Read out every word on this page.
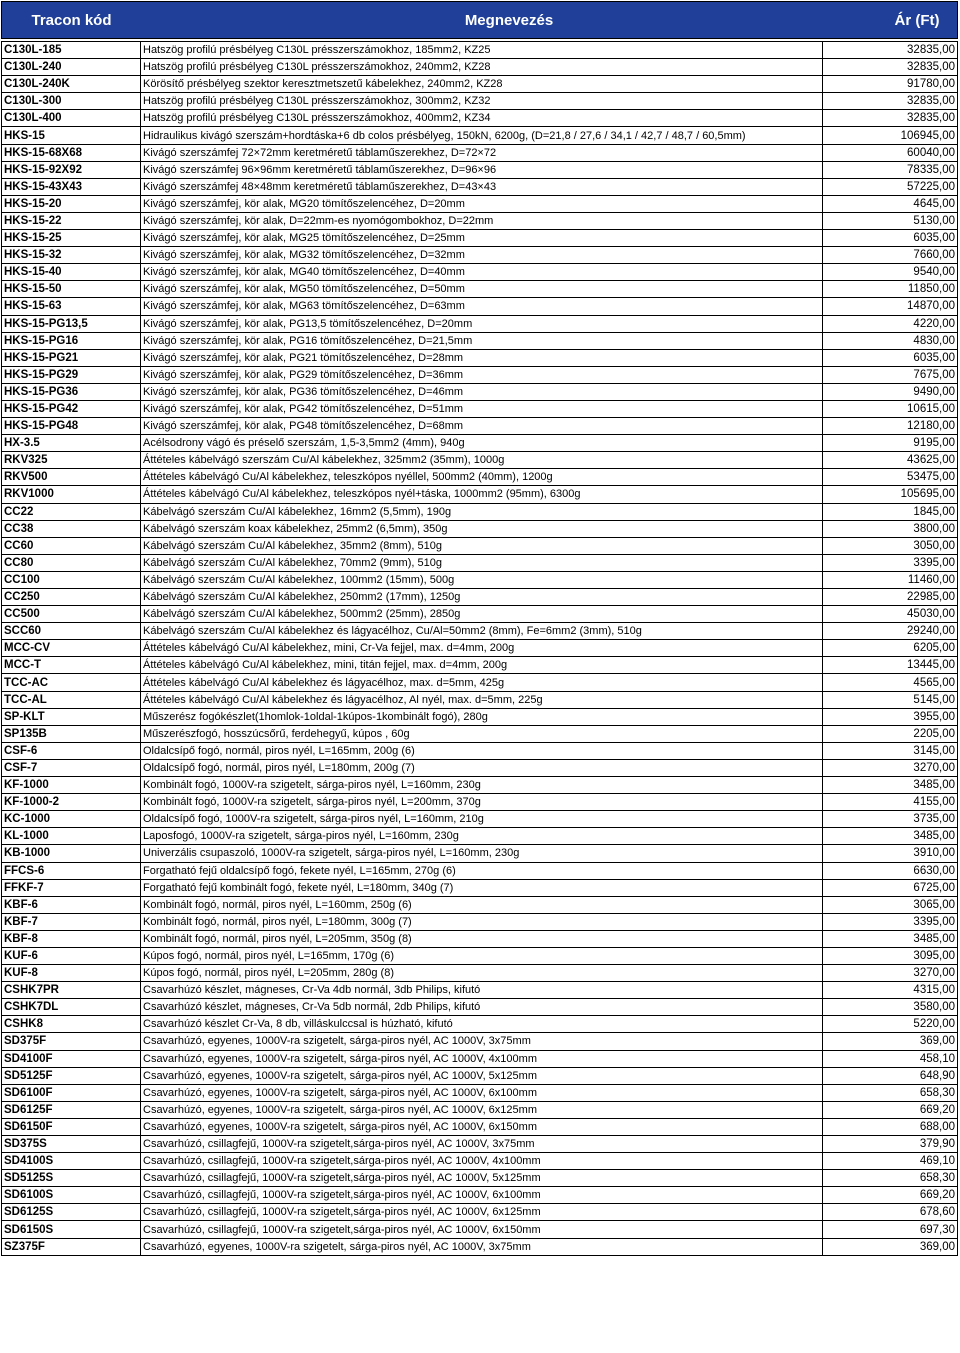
Tracon kód	Megnevezés	Ár (Ft)
C130L-185	Hatszög profilú présbélyeg C130L présszerszámokhoz, 185mm2, KZ25	32835,00
C130L-240	Hatszög profilú présbélyeg C130L présszerszámokhoz, 240mm2, KZ28	32835,00
C130L-240K	Körösítő présbélyeg szektor keresztmetszetű kábelekhez, 240mm2, KZ28	91780,00
C130L-300	Hatszög profilú présbélyeg C130L présszerszámokhoz, 300mm2, KZ32	32835,00
C130L-400	Hatszög profilú présbélyeg C130L présszerszámokhoz, 400mm2, KZ34	32835,00
HKS-15	Hidraulikus kivágó szerszám+hordtáska+6 db colos présbélyeg, 150kN, 6200g, (D=21,8 / 27,6 / 34,1 / 42,7 / 48,7 / 60,5mm)	106945,00
HKS-15-68X68	Kivágó szerszámfej 72×72mm keretméretű táblaműszerekhez, D=72×72	60040,00
HKS-15-92X92	Kivágó szerszámfej 96×96mm keretméretű táblaműszerekhez, D=96×96	78335,00
HKS-15-43X43	Kivágó szerszámfej 48×48mm keretméretű táblaműszerekhez, D=43×43	57225,00
HKS-15-20	Kivágó szerszámfej, kör alak, MG20 tömítőszelencéhez, D=20mm	4645,00
HKS-15-22	Kivágó szerszámfej, kör alak, D=22mm-es nyomógombokhoz, D=22mm	5130,00
HKS-15-25	Kivágó szerszámfej, kör alak, MG25 tömítőszelencéhez, D=25mm	6035,00
HKS-15-32	Kivágó szerszámfej, kör alak, MG32 tömítőszelencéhez, D=32mm	7660,00
HKS-15-40	Kivágó szerszámfej, kör alak, MG40 tömítőszelencéhez, D=40mm	9540,00
HKS-15-50	Kivágó szerszámfej, kör alak, MG50 tömítőszelencéhez, D=50mm	11850,00
HKS-15-63	Kivágó szerszámfej, kör alak, MG63 tömítőszelencéhez, D=63mm	14870,00
HKS-15-PG13,5	Kivágó szerszámfej, kör alak, PG13,5 tömítőszelencéhez, D=20mm	4220,00
HKS-15-PG16	Kivágó szerszámfej, kör alak, PG16 tömítőszelencéhez, D=21,5mm	4830,00
HKS-15-PG21	Kivágó szerszámfej, kör alak, PG21 tömítőszelencéhez, D=28mm	6035,00
HKS-15-PG29	Kivágó szerszámfej, kör alak, PG29 tömítőszelencéhez, D=36mm	7675,00
HKS-15-PG36	Kivágó szerszámfej, kör alak, PG36 tömítőszelencéhez, D=46mm	9490,00
HKS-15-PG42	Kivágó szerszámfej, kör alak, PG42 tömítőszelencéhez, D=51mm	10615,00
HKS-15-PG48	Kivágó szerszámfej, kör alak, PG48 tömítőszelencéhez, D=68mm	12180,00
HX-3.5	Acélsodrony vágó és préselő szerszám, 1,5-3,5mm2 (4mm), 940g	9195,00
RKV325	Áttételes kábelvágó szerszám Cu/Al kábelekhez, 325mm2 (35mm), 1000g	43625,00
RKV500	Áttételes kábelvágó Cu/Al kábelekhez, teleszkópos nyéllel, 500mm2 (40mm), 1200g	53475,00
RKV1000	Áttételes kábelvágó Cu/Al kábelekhez, teleszkópos nyél+táska, 1000mm2 (95mm), 6300g	105695,00
CC22	Kábelvágó szerszám Cu/Al kábelekhez, 16mm2 (5,5mm), 190g	1845,00
CC38	Kábelvágó szerszám koax kábelekhez, 25mm2 (6,5mm), 350g	3800,00
CC60	Kábelvágó szerszám Cu/Al kábelekhez, 35mm2 (8mm), 510g	3050,00
CC80	Kábelvágó szerszám Cu/Al kábelekhez, 70mm2 (9mm), 510g	3395,00
CC100	Kábelvágó szerszám Cu/Al kábelekhez, 100mm2 (15mm), 500g	11460,00
CC250	Kábelvágó szerszám Cu/Al kábelekhez, 250mm2 (17mm), 1250g	22985,00
CC500	Kábelvágó szerszám Cu/Al kábelekhez, 500mm2 (25mm), 2850g	45030,00
SCC60	Kábelvágó szerszám Cu/Al kábelekhez és lágyacélhoz, Cu/Al=50mm2 (8mm), Fe=6mm2 (3mm), 510g	29240,00
MCC-CV	Áttételes kábelvágó Cu/Al kábelekhez, mini, Cr-Va fejjel, max. d=4mm, 200g	6205,00
MCC-T	Áttételes kábelvágó Cu/Al kábelekhez, mini, titán fejjel, max. d=4mm, 200g	13445,00
TCC-AC	Áttételes kábelvágó Cu/Al kábelekhez és lágyacélhoz, max. d=5mm, 425g	4565,00
TCC-AL	Áttételes kábelvágó Cu/Al kábelekhez és lágyacélhoz, Al nyél, max. d=5mm, 225g	5145,00
SP-KLT	Műszerész fogókészlet(1homlok-1oldal-1kúpos-1kombinált fogó), 280g	3955,00
SP135B	Műszerészfogó, hosszúcsőrű, ferdehegyű, kúpos , 60g	2205,00
CSF-6	Oldalcsípő fogó, normál, piros nyél, L=165mm, 200g (6)	3145,00
CSF-7	Oldalcsípő fogó, normál, piros nyél, L=180mm, 200g (7)	3270,00
KF-1000	Kombinált fogó, 1000V-ra szigetelt, sárga-piros nyél, L=160mm, 230g	3485,00
KF-1000-2	Kombinált fogó, 1000V-ra szigetelt, sárga-piros nyél, L=200mm, 370g	4155,00
KC-1000	Oldalcsípő fogó, 1000V-ra szigetelt, sárga-piros nyél, L=160mm, 210g	3735,00
KL-1000	Laposfogó, 1000V-ra szigetelt, sárga-piros nyél, L=160mm, 230g	3485,00
KB-1000	Univerzális csupaszoló, 1000V-ra szigetelt, sárga-piros nyél, L=160mm, 230g	3910,00
FFCS-6	Forgatható fejű oldalcsípő fogó, fekete nyél, L=165mm, 270g (6)	6630,00
FFKF-7	Forgatható fejű kombinált fogó, fekete nyél, L=180mm, 340g (7)	6725,00
KBF-6	Kombinált fogó, normál, piros nyél, L=160mm, 250g (6)	3065,00
KBF-7	Kombinált fogó, normál, piros nyél, L=180mm, 300g (7)	3395,00
KBF-8	Kombinált fogó, normál, piros nyél, L=205mm, 350g (8)	3485,00
KUF-6	Kúpos fogó, normál, piros nyél, L=165mm, 170g (6)	3095,00
KUF-8	Kúpos fogó, normál, piros nyél, L=205mm, 280g (8)	3270,00
CSHK7PR	Csavarhúzó készlet, mágneses, Cr-Va 4db normál, 3db Philips, kifutó	4315,00
CSHK7DL	Csavarhúzó készlet, mágneses, Cr-Va 5db normál, 2db Philips, kifutó	3580,00
CSHK8	Csavarhúzó készlet Cr-Va, 8 db, villáskulccsal is húzható, kifutó	5220,00
SD375F	Csavarhúzó, egyenes, 1000V-ra szigetelt, sárga-piros nyél, AC 1000V, 3x75mm	369,00
SD4100F	Csavarhúzó, egyenes, 1000V-ra szigetelt, sárga-piros nyél, AC 1000V, 4x100mm	458,10
SD5125F	Csavarhúzó, egyenes, 1000V-ra szigetelt, sárga-piros nyél, AC 1000V, 5x125mm	648,90
SD6100F	Csavarhúzó, egyenes, 1000V-ra szigetelt, sárga-piros nyél, AC 1000V, 6x100mm	658,30
SD6125F	Csavarhúzó, egyenes, 1000V-ra szigetelt, sárga-piros nyél, AC 1000V, 6x125mm	669,20
SD6150F	Csavarhúzó, egyenes, 1000V-ra szigetelt, sárga-piros nyél, AC 1000V, 6x150mm	688,00
SD375S	Csavarhúzó, csillagfejű, 1000V-ra szigetelt,sárga-piros nyél, AC 1000V, 3x75mm	379,90
SD4100S	Csavarhúzó, csillagfejű, 1000V-ra szigetelt,sárga-piros nyél, AC 1000V, 4x100mm	469,10
SD5125S	Csavarhúzó, csillagfejű, 1000V-ra szigetelt,sárga-piros nyél, AC 1000V, 5x125mm	658,30
SD6100S	Csavarhúzó, csillagfejű, 1000V-ra szigetelt,sárga-piros nyél, AC 1000V, 6x100mm	669,20
SD6125S	Csavarhúzó, csillagfejű, 1000V-ra szigetelt,sárga-piros nyél, AC 1000V, 6x125mm	678,60
SD6150S	Csavarhúzó, csillagfejű, 1000V-ra szigetelt,sárga-piros nyél, AC 1000V, 6x150mm	697,30
SZ375F	Csavarhúzó, egyenes, 1000V-ra szigetelt, sárga-piros nyél, AC 1000V, 3x75mm	369,00
